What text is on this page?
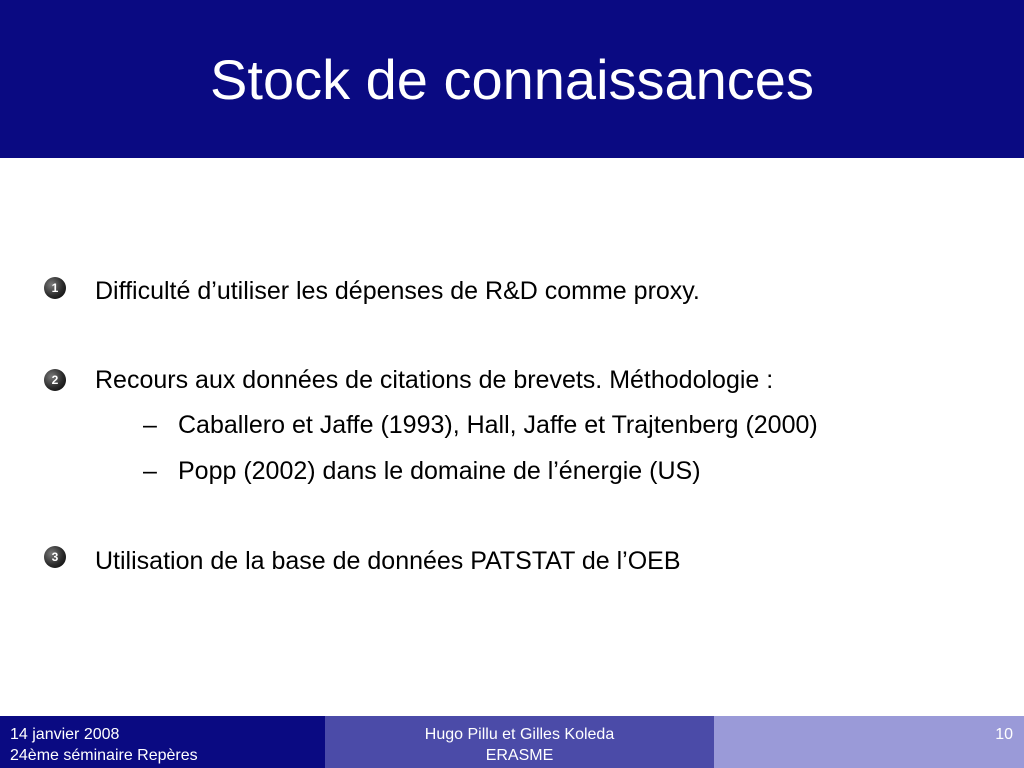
Stock de connaissances
1	Difficulté d’utiliser les dépenses de R&D comme proxy.
2	Recours aux données de citations de brevets. Méthodologie :
– Caballero et Jaffe (1993), Hall, Jaffe et Trajtenberg (2000)
– Popp (2002) dans le domaine de l’énergie (US)
3	Utilisation de la base de données PATSTAT de l’OEB
14 janvier 2008
24ème séminaire Repères
Hugo Pillu et Gilles Koleda
ERASME
10
